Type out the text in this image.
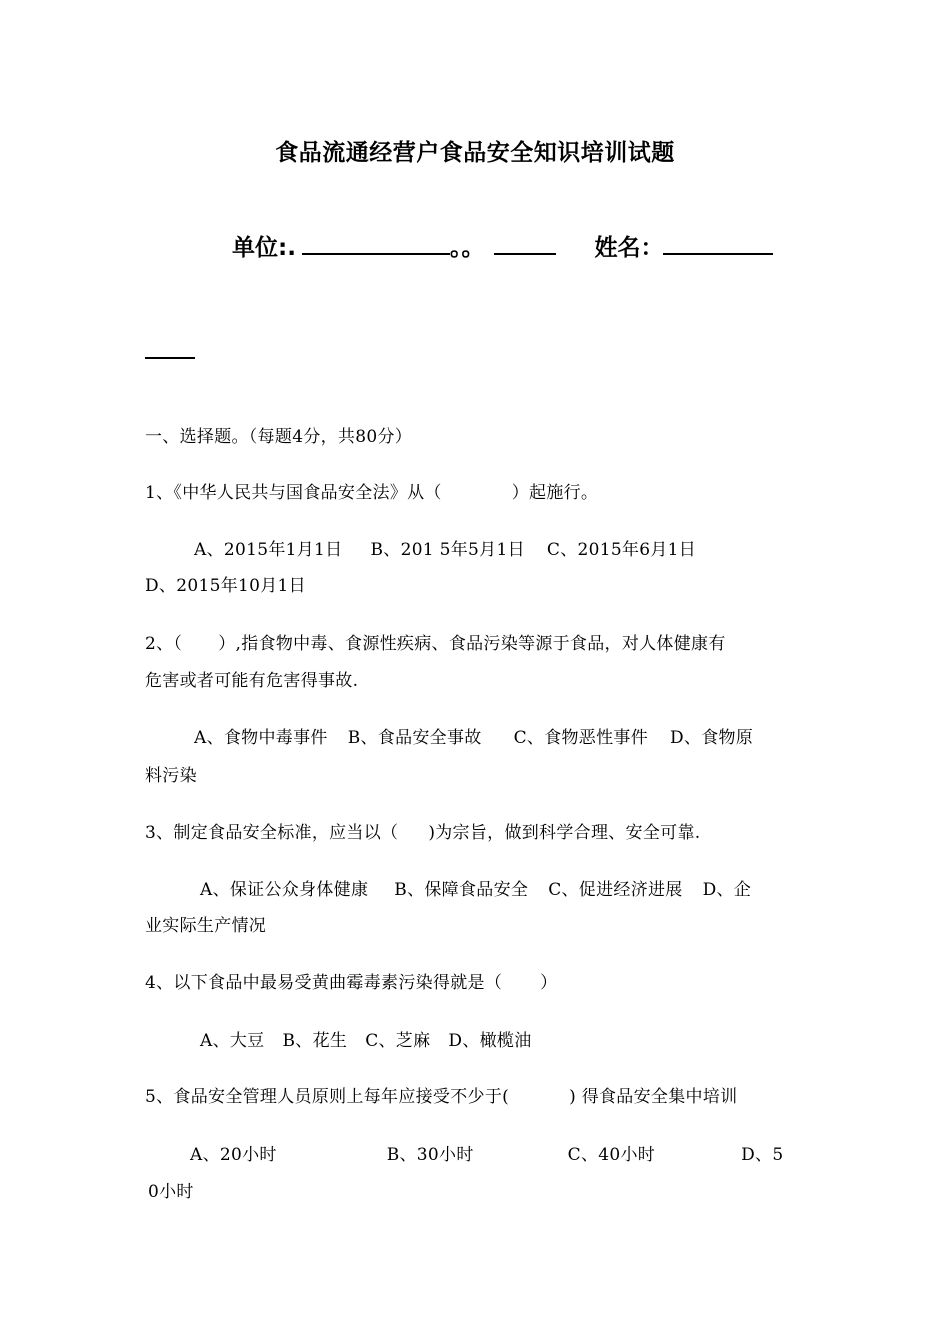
食品流通经营户食品安全知识培训试题
单位:.	。。	姓名：
一、选择题。（每题4分，共80分）
1、《中华人民共与国食品安全法》从（	）起施行。
A、2015年1月1日 B、201 5年5月1日 C、2015年6月1日
D、2015年10月1日
2、（ ）,指食物中毒、食源性疾病、食品污染等源于食品，对人体健康有
危害或者可能有危害得事故.
A、食物中毒事件 B、食品安全事故 C、食物恶性事件 D、食物原
料污染
3、制定食品安全标准，应当以（ )为宗旨，做到科学合理、安全可靠.
A、保证公众身体健康 B、保障食品安全 C、促进经济进展 D、企
业实际生产情况
4、以下食品中最易受黄曲霉毒素污染得就是（ ）
A、大豆 B、花生 C、芝麻 D、橄榄油
5、食品安全管理人员原则上每年应接受不少于(	) 得食品安全集中培训
A、20小时	B、30小时	C、40小时	D、5
0小时
